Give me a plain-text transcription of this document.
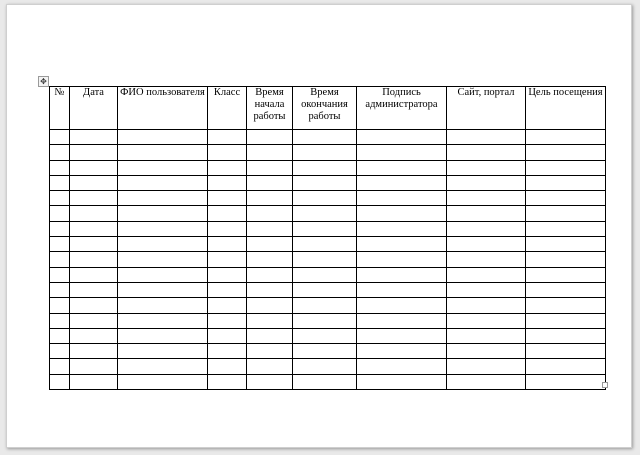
✥
№	Дата	ФИО пользователя	Класс	Время начала работы	Время окончания работы	Подпись администратора	Сайт, портал	Цель посещения
